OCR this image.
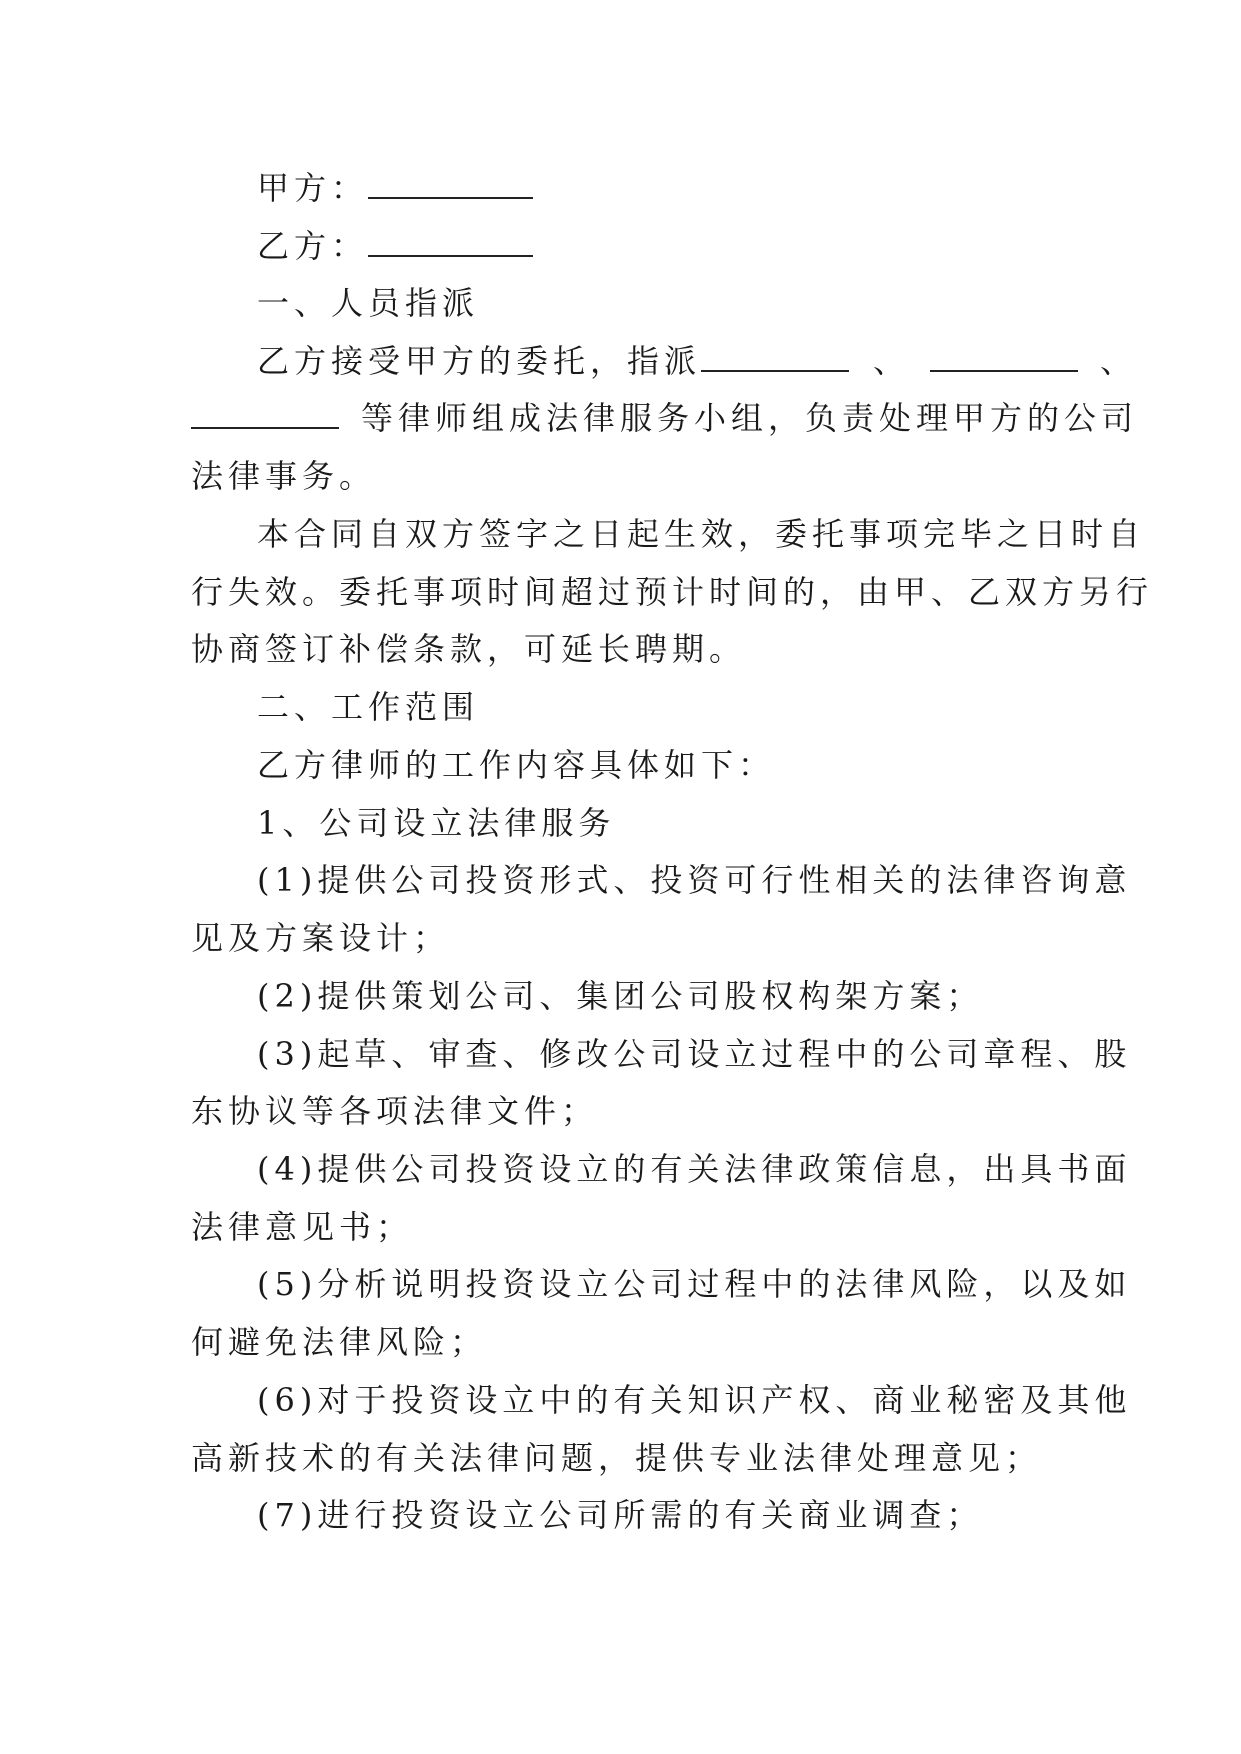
甲方：
乙方：
一、人员指派
乙方接受甲方的委托，指派	、	、
等律师组成法律服务小组，负责处理甲方的公司
法律事务。
本合同自双方签字之日起生效，委托事项完毕之日时自
行失效。委托事项时间超过预计时间的，由甲、乙双方另行
协商签订补偿条款，可延长聘期。
二、工作范围
乙方律师的工作内容具体如下：
1、公司设立法律服务
(1)提供公司投资形式、投资可行性相关的法律咨询意
见及方案设计；
(2)提供策划公司、集团公司股权构架方案；
(3)起草、审查、修改公司设立过程中的公司章程、股
东协议等各项法律文件；
(4)提供公司投资设立的有关法律政策信息，出具书面
法律意见书；
(5)分析说明投资设立公司过程中的法律风险，以及如
何避免法律风险；
(6)对于投资设立中的有关知识产权、商业秘密及其他
高新技术的有关法律问题，提供专业法律处理意见；
(7)进行投资设立公司所需的有关商业调查；
